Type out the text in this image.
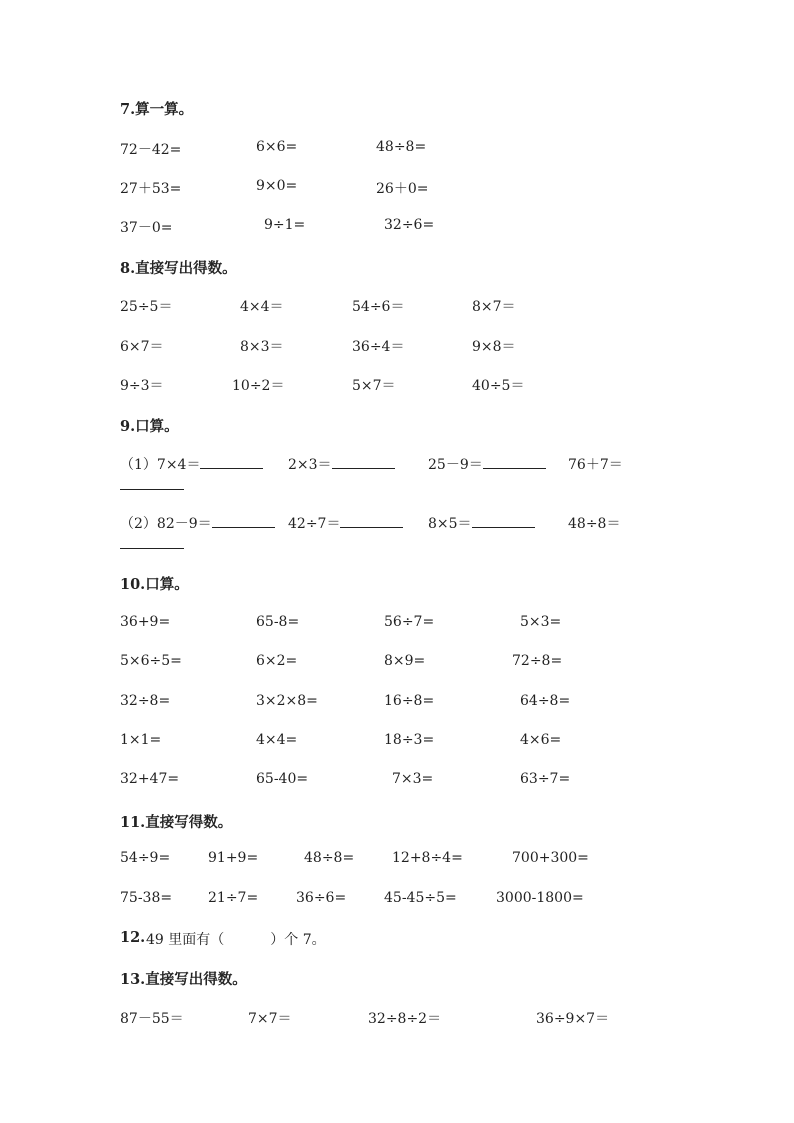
7.算一算。
72－42=	6×6=	48÷8=
27＋53=	9×0=	26＋0=
37－0=	9÷1=	32÷6=
8.直接写出得数。
25÷5＝	4×4＝	54÷6＝	8×7＝
6×7＝	8×3＝	36÷4＝	9×8＝
9÷3＝	10÷2＝	5×7＝	40÷5＝
9.口算。
（1）7×4＝	2×3＝	25－9＝	76＋7＝
（2）82－9＝	42÷7＝	8×5＝	48÷8＝
10.口算。
36+9=	65-8=	56÷7=	5×3=
5×6÷5=	6×2=	8×9=	72÷8=
32÷8=	3×2×8=	16÷8=	64÷8=
1×1=	4×4=	18÷3=	4×6=
32+47=	65-40=	7×3=	63÷7=
11.直接写得数。
54÷9=	91+9=	48÷8=	12+8÷4=	700+300=
75-38=	21÷7=	36÷6=	45-45÷5=	3000-1800=
12. 49 里面有（	）个 7。
13.直接写出得数。
87－55＝	7×7＝	32÷8÷2＝	36÷9×7＝
